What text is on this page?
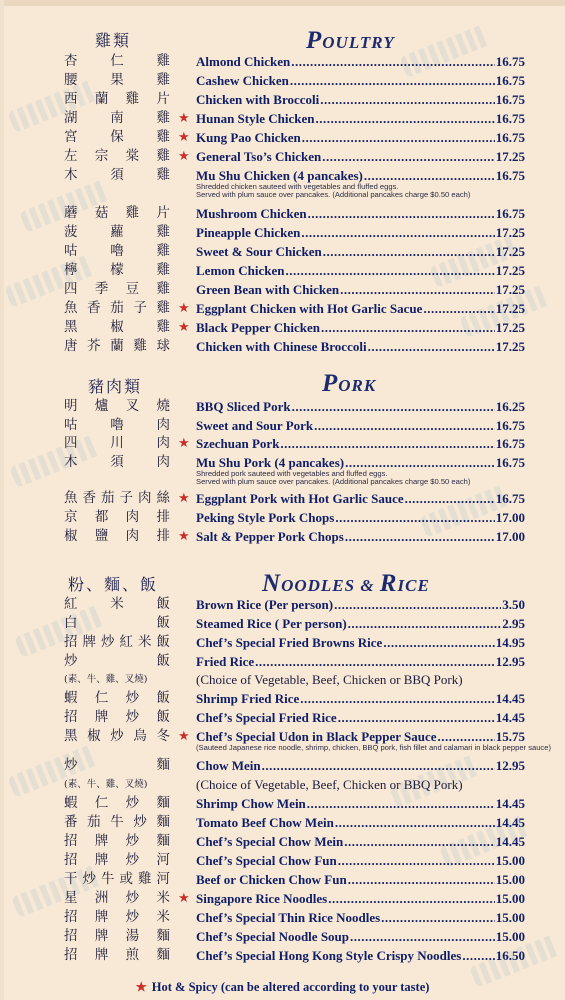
雞類	POULTRY
杏 仁 雞 Almond Chicken .....	16.75
腰 果 雞 Cashew Chicken .....	16.75
西 蘭 雞 片 Chicken with Broccoli .....	16.75
湖 南 雞 ★ Hunan Style Chicken .....	16.75
宮 保 雞 ★ Kung Pao Chicken .....	16.75
左 宗 棠 雞 ★ General Tso’s Chicken .....	17.25
木 須 雞 Mu Shu Chicken (4 pancakes) .....	16.75
Shredded chicken sauteed with vegetables and fluffed eggs.
Served with plum sauce over pancakes. (Additional pancakes charge $0.50 each)
蘑 菇 雞 片 Mushroom Chicken .....	16.75
菠 蘿 雞 Pineapple Chicken .....	17.25
咕 嚕 雞 Sweet & Sour Chicken .....	17.25
檸 檬 雞 Lemon Chicken .....	17.25
四 季 豆 雞 Green Bean with Chicken .....	17.25
魚 香 茄 子 雞 ★ Eggplant Chicken with Hot Garlic Sacue .....	17.25
黑 椒 雞 ★ Black Pepper Chicken .....	17.25
唐 芥 蘭 雞 球 Chicken with Chinese Broccoli .....	17.25
豬肉類	PORK
明 爐 叉 燒 BBQ Sliced Pork .....	16.25
咕 嚕 肉 Sweet and Sour Pork .....	16.75
四 川 肉 ★ Szechuan Pork .....	16.75
木 須 肉 Mu Shu Pork (4 pancakes) .....	16.75
Shredded pork sauteed with vegetables and fluffed eggs.
Served with plum sauce over pancakes. (Additional pancakes charge $0.50 each)
魚 香 茄 子 肉 絲 ★ Eggplant Pork with Hot Garlic Sauce .....	16.75
京 都 肉 排 Peking Style Pork Chops .....	17.00
椒 鹽 肉 排 ★ Salt & Pepper Pork Chops .....	17.00
粉、麵、飯	NOODLES & RICE
紅 米 飯 Brown Rice (Per person) .....	3.50
白	飯 Steamed Rice ( Per person) .....	2.95
招 牌 炒 紅 米 飯 Chef’s Special Fried Browns Rice .....	14.95
炒	飯 Fried Rice .....	12.95
(素、牛、雞、叉燒)	(Choice of Vegetable, Beef, Chicken or BBQ Pork)
蝦 仁 炒 飯 Shrimp Fried Rice .....	14.45
招 牌 炒 飯 Chef’s Special Fried Rice .....	14.45
黑 椒 炒 烏 冬 ★ Chef’s Special Udon in Black Pepper Sauce .....	15.75
(Sauteed Japanese rice noodle, shrimp, chicken, BBQ pork, fish fillet and calamari in black pepper sauce)
炒	麵 Chow Mein .....	12.95
(素、牛、雞、叉燒)	(Choice of Vegetable, Beef, Chicken or BBQ Pork)
蝦 仁 炒 麵 Shrimp Chow Mein .....	14.45
番 茄 牛 炒 麵 Tomato Beef Chow Mein .....	14.45
招 牌 炒 麵 Chef’s Special Chow Mein .....	14.45
招 牌 炒 河 Chef’s Special Chow Fun .....	15.00
干 炒 牛 或 雞 河 Beef or Chicken Chow Fun .....	15.00
星 洲 炒 米 ★ Singapore Rice Noodles .....	15.00
招 牌 炒 米 Chef’s Special Thin Rice Noodles .....	15.00
招 牌 湯 麵 Chef’s Special Noodle Soup .....	15.00
招 牌 煎 麵 Chef’s Special Hong Kong Style Crispy Noodles .....	16.50
★ Hot & Spicy (can be altered according to your taste)
